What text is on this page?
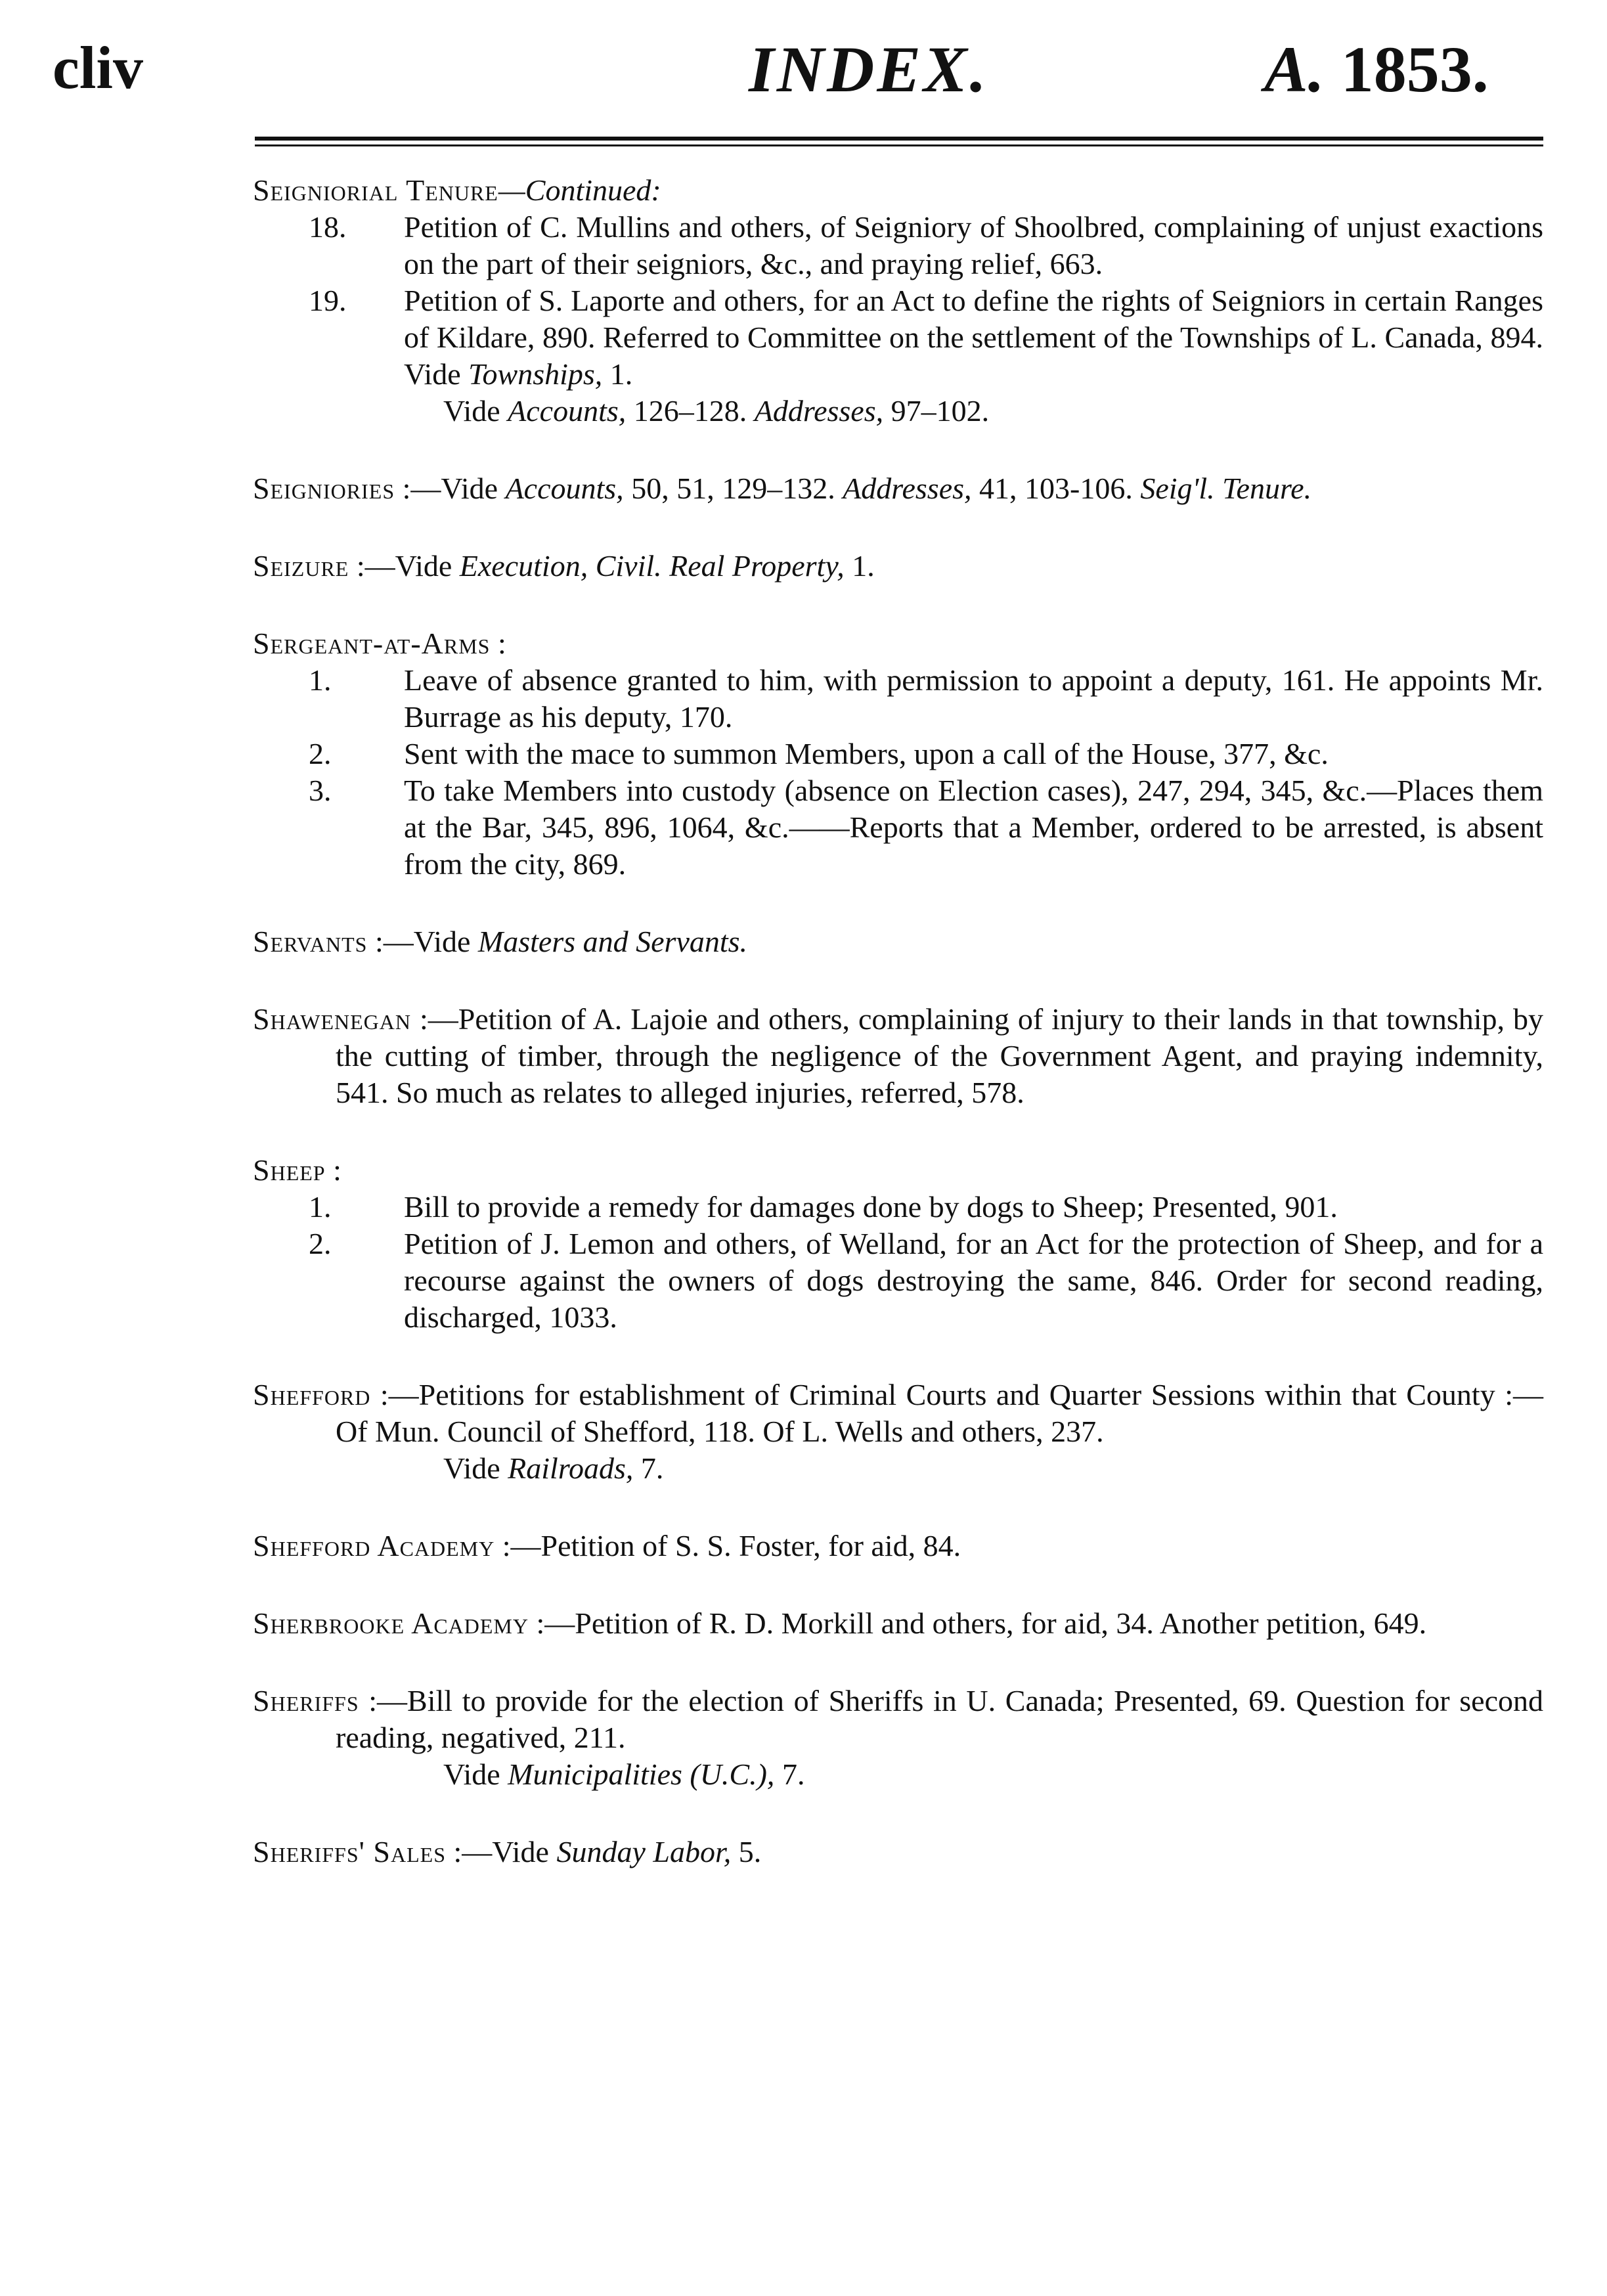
cliv	INDEX.	A. 1853.

Seigniorial Tenure—Continued:

18. Petition of C. Mullins and others, of Seigniory of Shoolbred, complaining of unjust exactions on the part of their seigniors, &c., and praying relief, 663.

19. Petition of S. Laporte and others, for an Act to define the rights of Seigniors in certain Ranges of Kildare, 890. Referred to Committee on the settlement of the Townships of L. Canada, 894. Vide Townships, 1.

Vide Accounts, 126–128. Addresses, 97–102.

Seigniories :—Vide Accounts, 50, 51, 129–132. Addresses, 41, 103-106. Seig'l. Tenure.

Seizure :—Vide Execution, Civil. Real Property, 1.

Sergeant-at-Arms :

1. Leave of absence granted to him, with permission to appoint a deputy, 161. He appoints Mr. Burrage as his deputy, 170.

2. Sent with the mace to summon Members, upon a call of the House, 377, &c.

3. To take Members into custody (absence on Election cases), 247, 294, 345, &c.—Places them at the Bar, 345, 896, 1064, &c.——Reports that a Member, ordered to be arrested, is absent from the city, 869.

Servants :—Vide Masters and Servants.

Shawenegan :—Petition of A. Lajoie and others, complaining of injury to their lands in that township, by the cutting of timber, through the negligence of the Government Agent, and praying indemnity, 541. So much as relates to alleged injuries, referred, 578.

Sheep :

1. Bill to provide a remedy for damages done by dogs to Sheep; Presented, 901.

2. Petition of J. Lemon and others, of Welland, for an Act for the protection of Sheep, and for a recourse against the owners of dogs destroying the same, 846. Order for second reading, discharged, 1033.

Shefford :—Petitions for establishment of Criminal Courts and Quarter Sessions within that County :—Of Mun. Council of Shefford, 118. Of L. Wells and others, 237.

Vide Railroads, 7.

Shefford Academy :—Petition of S. S. Foster, for aid, 84.

Sherbrooke Academy :—Petition of R. D. Morkill and others, for aid, 34. Another petition, 649.

Sheriffs :—Bill to provide for the election of Sheriffs in U. Canada; Presented, 69. Question for second reading, negatived, 211.

Vide Municipalities (U.C.), 7.

Sheriffs' Sales :—Vide Sunday Labor, 5.
